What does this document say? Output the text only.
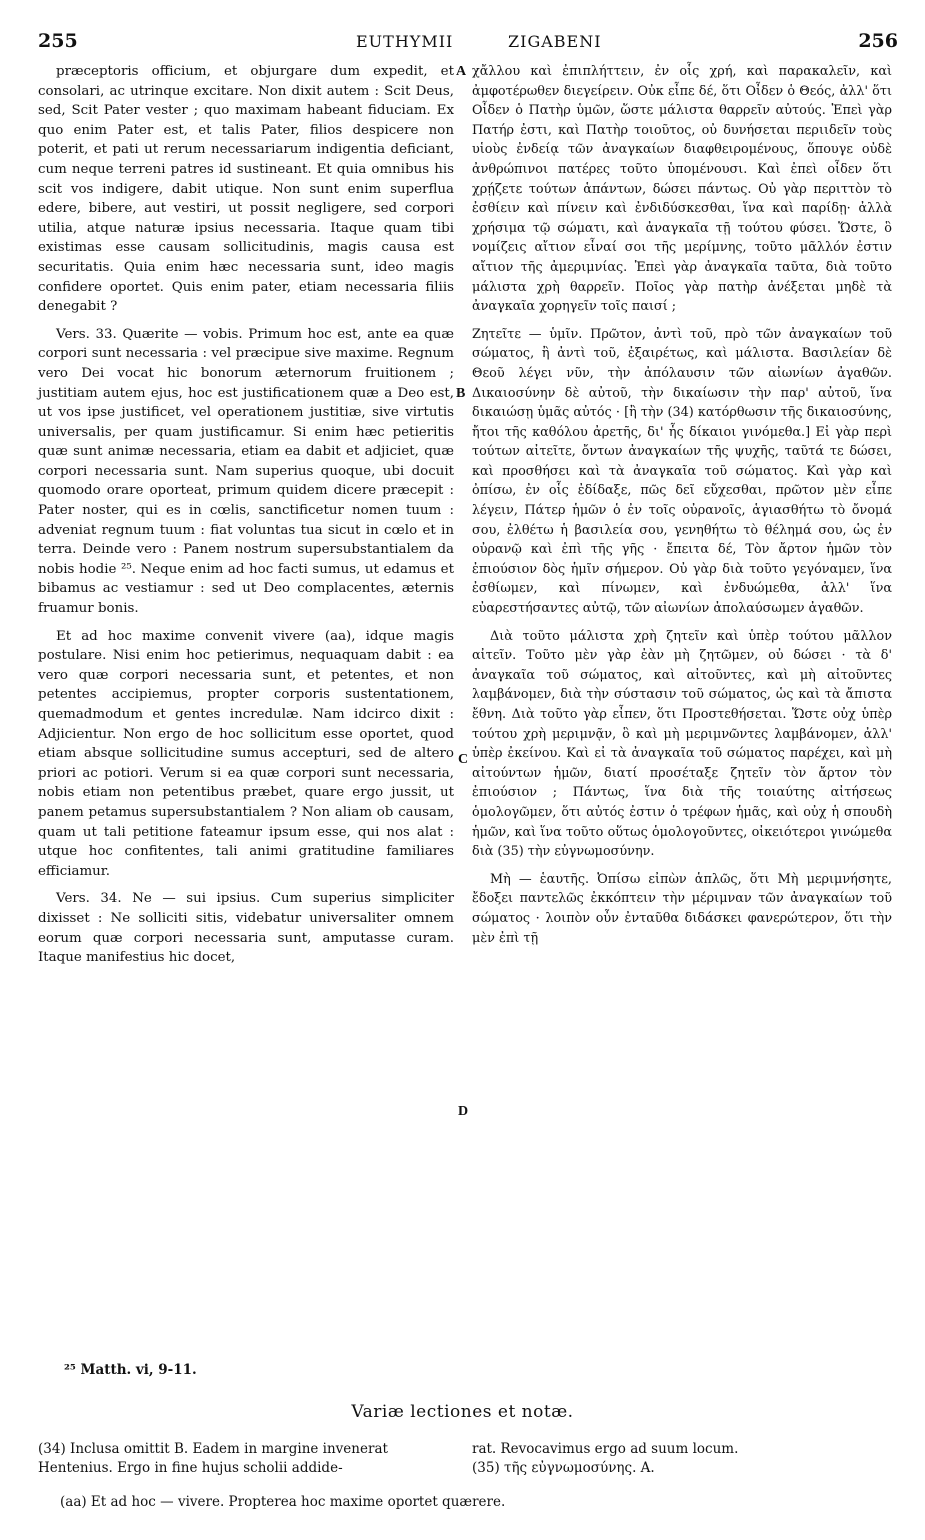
255	EUTHYMII	ZIGABENI	256

præceptoris officium, et objurgare dum expedit, et consolari, ac utrinque excitare. Non dixit autem : Scit Deus, sed, Scit Pater vester ; quo maximam habeant fiduciam. Ex quo enim Pater est, et talis Pater, filios despicere non poterit, et pati ut rerum necessariarum indigentia deficiant, cum neque terreni patres id sustineant. Et quia omnibus his scit vos indigere, dabit utique. Non sunt enim superflua edere, bibere, aut vestiri, ut possit negligere, sed corpori utilia, atque naturæ ipsius necessaria. Itaque quam tibi existimas esse causam sollicitudinis, magis causa est securitatis. Quia enim hæc necessaria sunt, ideo magis confidere oportet. Quis enim pater, etiam necessaria filiis denegabit ?

Vers. 33. Quærite — vobis. Primum hoc est, ante ea quæ corpori sunt necessaria : vel præcipue sive maxime. Regnum vero Dei vocat hic bonorum æternorum fruitionem ; justitiam autem ejus, hoc est justificationem quæ a Deo est, ut vos ipse justificet, vel operationem justitiæ, sive virtutis universalis, per quam justificamur. Si enim hæc petieritis quæ sunt animæ necessaria, etiam ea dabit et adjiciet, quæ corpori necessaria sunt. Nam superius quoque, ubi docuit quomodo orare oporteat, primum quidem dicere præcepit : Pater noster, qui es in cœlis, sanctificetur nomen tuum : adveniat regnum tuum : fiat voluntas tua sicut in cœlo et in terra. Deinde vero : Panem nostrum supersubstantialem da nobis hodie ²⁵. Neque enim ad hoc facti sumus, ut edamus et bibamus ac vestiamur : sed ut Deo complacentes, æternis fruamur bonis.

Et ad hoc maxime convenit vivere (aa), idque magis postulare. Nisi enim hoc petierimus, nequaquam dabit : ea vero quæ corpori necessaria sunt, et petentes, et non petentes accipiemus, propter corporis sustentationem, quemadmodum et gentes incredulæ. Nam idcirco dixit : Adjicientur. Non ergo de hoc sollicitum esse oportet, quod etiam absque sollicitudine sumus accepturi, sed de altero priori ac potiori. Verum si ea quæ corpori sunt necessaria, nobis etiam non petentibus præbet, quare ergo jussit, ut panem petamus supersubstantialem ? Non aliam ob causam, quam ut tali petitione fateamur ipsum esse, qui nos alat : utque hoc confitentes, tali animi gratitudine familiares efficiamur.

Vers. 34. Ne — sui ipsius. Cum superius simpliciter dixisset : Ne solliciti sitis, videbatur universaliter omnem eorum quæ corpori necessaria sunt, amputasse curam. Itaque manifestius hic docet,

A
B
C
D

χἄλλου καὶ ἐπιπλήττειν, ἐν οἷς χρή, καὶ παρακαλεῖν, καὶ ἀμφοτέρωθεν διεγείρειν. Οὐκ εἶπε δέ, ὅτι Οἶδεν ὁ Θεός, ἀλλ' ὅτι Οἶδεν ὁ Πατὴρ ὑμῶν, ὥστε μάλιστα θαρρεῖν αὐτούς. Ἐπεὶ γὰρ Πατήρ ἐστι, καὶ Πατὴρ τοιοῦτος, οὐ δυνήσεται περιιδεῖν τοὺς υἱοὺς ἐνδείᾳ τῶν ἀναγκαίων διαφθειρομένους, ὅπουγε οὐδὲ ἀνθρώπινοι πατέρες τοῦτο ὑπομένουσι. Καὶ ἐπεὶ οἶδεν ὅτι χρῄζετε τούτων ἁπάντων, δώσει πάντως. Οὐ γὰρ περιττὸν τὸ ἐσθίειν καὶ πίνειν καὶ ἐνδιδύσκεσθαι, ἵνα καὶ παρίδῃ· ἀλλὰ χρήσιμα τῷ σώματι, καὶ ἀναγκαῖα τῇ τούτου φύσει. Ὥστε, ὃ νομίζεις αἴτιον εἶναί σοι τῆς μερίμνης, τοῦτο μᾶλλόν ἐστιν αἴτιον τῆς ἀμεριμνίας. Ἐπεὶ γὰρ ἀναγκαῖα ταῦτα, διὰ τοῦτο μάλιστα χρὴ θαρρεῖν. Ποῖος γὰρ πατὴρ ἀνέξεται μηδὲ τὰ ἀναγκαῖα χορηγεῖν τοῖς παισί ;

Ζητεῖτε — ὑμῖν. Πρῶτον, ἀντὶ τοῦ, πρὸ τῶν ἀναγκαίων τοῦ σώματος, ἢ ἀντὶ τοῦ, ἐξαιρέτως, καὶ μάλιστα. Βασιλείαν δὲ Θεοῦ λέγει νῦν, τὴν ἀπόλαυσιν τῶν αἰωνίων ἀγαθῶν. Δικαιοσύνην δὲ αὐτοῦ, τὴν δικαίωσιν τὴν παρ' αὐτοῦ, ἵνα δικαιώσῃ ὑμᾶς αὐτός · [ἢ τὴν (34) κατόρθωσιν τῆς δικαιοσύνης, ἤτοι τῆς καθόλου ἀρετῆς, δι' ἧς δίκαιοι γινόμεθα.] Εἰ γὰρ περὶ τούτων αἰτεῖτε, ὄντων ἀναγκαίων τῆς ψυχῆς, ταῦτά τε δώσει, καὶ προσθήσει καὶ τὰ ἀναγκαῖα τοῦ σώματος. Καὶ γὰρ καὶ ὀπίσω, ἐν οἷς ἐδίδαξε, πῶς δεῖ εὔχεσθαι, πρῶτον μὲν εἶπε λέγειν, Πάτερ ἡμῶν ὁ ἐν τοῖς οὐρανοῖς, ἁγιασθήτω τὸ ὄνομά σου, ἐλθέτω ἡ βασιλεία σου, γενηθήτω τὸ θέλημά σου, ὡς ἐν οὐρανῷ καὶ ἐπὶ τῆς γῆς · ἔπειτα δέ, Τὸν ἄρτον ἡμῶν τὸν ἐπιούσιον δὸς ἡμῖν σήμερον. Οὐ γὰρ διὰ τοῦτο γεγόναμεν, ἵνα ἐσθίωμεν, καὶ πίνωμεν, καὶ ἐνδυώμεθα, ἀλλ' ἵνα εὐαρεστήσαντες αὐτῷ, τῶν αἰωνίων ἀπολαύσωμεν ἀγαθῶν.

Διὰ τοῦτο μάλιστα χρὴ ζητεῖν καὶ ὑπὲρ τούτου μᾶλλον αἰτεῖν. Τοῦτο μὲν γὰρ ἐὰν μὴ ζητῶμεν, οὐ δώσει · τὰ δ' ἀναγκαῖα τοῦ σώματος, καὶ αἰτοῦντες, καὶ μὴ αἰτοῦντες λαμβάνομεν, διὰ τὴν σύστασιν τοῦ σώματος, ὡς καὶ τὰ ἄπιστα ἔθνη. Διὰ τοῦτο γὰρ εἶπεν, ὅτι Προστεθήσεται. Ὥστε οὐχ ὑπὲρ τούτου χρὴ μεριμνᾷν, ὃ καὶ μὴ μεριμνῶντες λαμβάνομεν, ἀλλ' ὑπὲρ ἐκείνου. Καὶ εἰ τὰ ἀναγκαῖα τοῦ σώματος παρέχει, καὶ μὴ αἰτούντων ἡμῶν, διατί προσέταξε ζητεῖν τὸν ἄρτον τὸν ἐπιούσιον ; Πάντως, ἵνα διὰ τῆς τοιαύτης αἰτήσεως ὁμολογῶμεν, ὅτι αὐτός ἐστιν ὁ τρέφων ἡμᾶς, καὶ οὐχ ἡ σπουδὴ ἡμῶν, καὶ ἵνα τοῦτο οὕτως ὁμολογοῦντες, οἰκειότεροι γινώμεθα διὰ (35) τὴν εὐγνωμοσύνην.

Μὴ — ἑαυτῆς. Ὀπίσω εἰπὼν ἁπλῶς, ὅτι Μὴ μεριμνήσητε, ἔδοξει παντελῶς ἐκκόπτειν τὴν μέριμναν τῶν ἀναγκαίων τοῦ σώματος · λοιπὸν οὖν ἐνταῦθα διδάσκει φανερώτερον, ὅτι τὴν μὲν ἐπὶ τῇ

²⁵ Matth. vi, 9-11.
Variæ lectiones et notæ.

(34) Inclusa omittit B. Eadem in margine invenerat Hentenius. Ergo in fine hujus scholii addide-

rat. Revocavimus ergo ad suum locum.

(35) τῆς εὐγνωμοσύνης. A.

(aa) Et ad hoc — vivere. Propterea hoc maxime oportet quærere.
